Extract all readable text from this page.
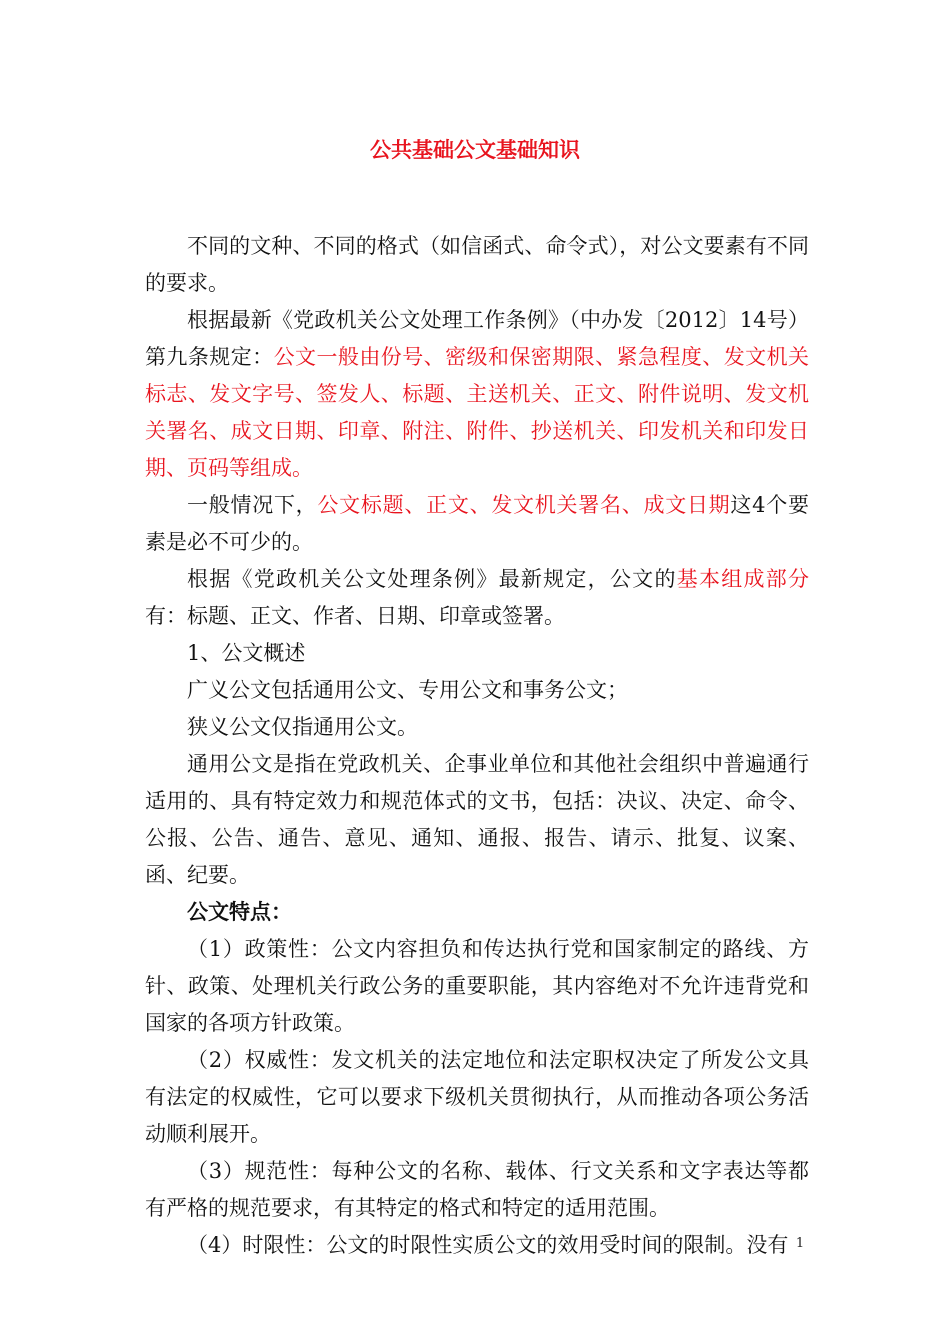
公共基础公文基础知识

不同的文种、不同的格式（如信函式、命令式），对公文要素有不同的要求。

根据最新《党政机关公文处理工作条例》（中办发〔2012〕14号）第九条规定：公文一般由份号、密级和保密期限、紧急程度、发文机关标志、发文字号、签发人、标题、主送机关、正文、附件说明、发文机关署名、成文日期、印章、附注、附件、抄送机关、印发机关和印发日期、页码等组成。

一般情况下，公文标题、正文、发文机关署名、成文日期这4个要素是必不可少的。

根据《党政机关公文处理条例》最新规定，公文的基本组成部分有：标题、正文、作者、日期、印章或签署。

1、公文概述

广义公文包括通用公文、专用公文和事务公文；

狭义公文仅指通用公文。

通用公文是指在党政机关、企事业单位和其他社会组织中普遍通行适用的、具有特定效力和规范体式的文书，包括：决议、决定、命令、公报、公告、通告、意见、通知、通报、报告、请示、批复、议案、函、纪要。

公文特点：

（1）政策性：公文内容担负和传达执行党和国家制定的路线、方针、政策、处理机关行政公务的重要职能，其内容绝对不允许违背党和国家的各项方针政策。

（2）权威性：发文机关的法定地位和法定职权决定了所发公文具有法定的权威性，它可以要求下级机关贯彻执行，从而推动各项公务活动顺利展开。

（3）规范性：每种公文的名称、载体、行文关系和文字表达等都有严格的规范要求，有其特定的格式和特定的适用范围。

（4）时限性：公文的时限性实质公文的效用受时间的限制。没有 1
